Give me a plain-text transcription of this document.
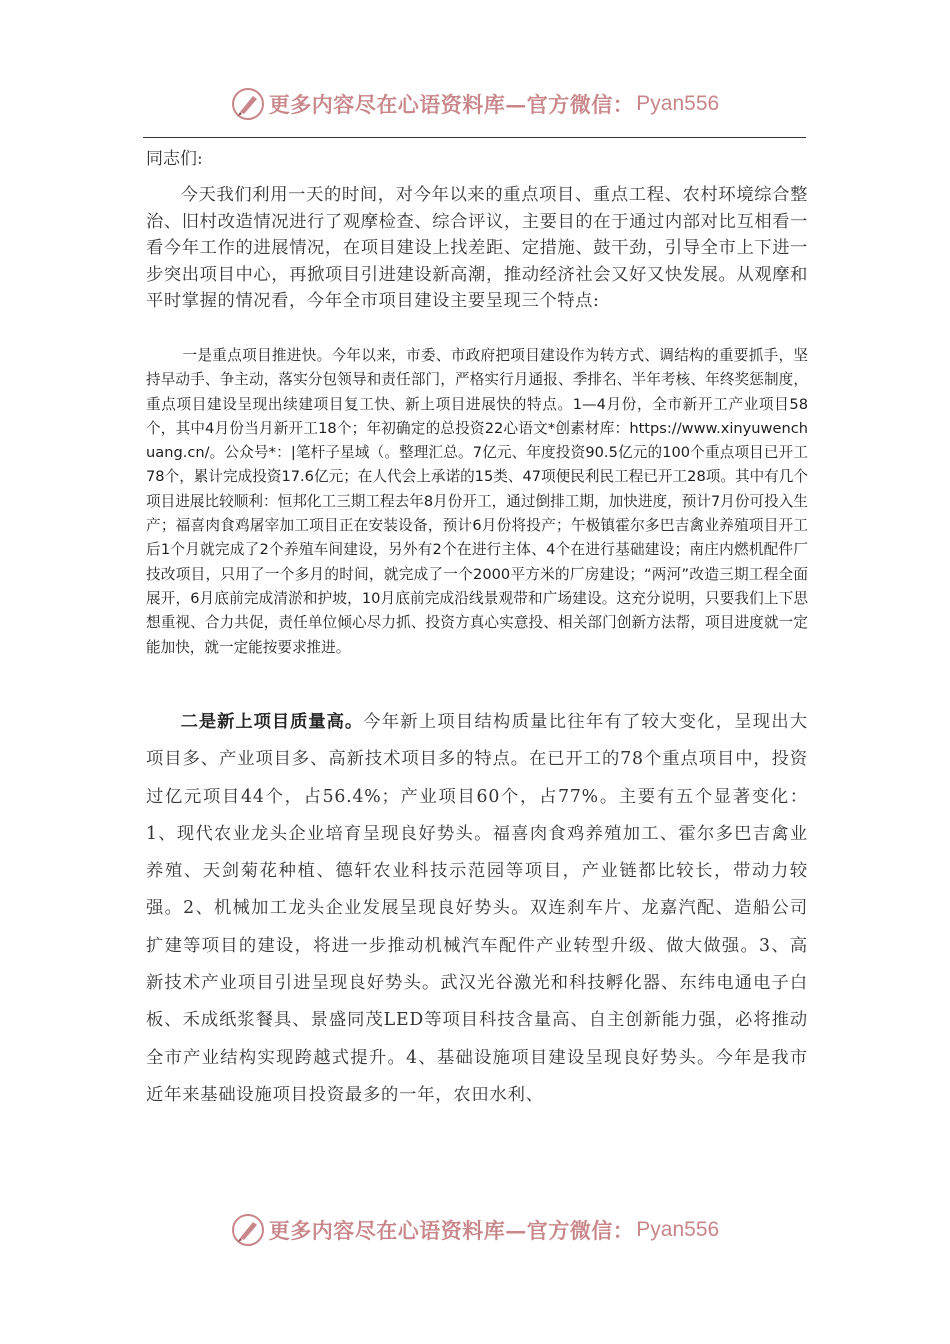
更多内容尽在心语资料库—官方微信： Pyan556

同志们:

今天我们利用一天的时间，对今年以来的重点项目、重点工程、农村环境综合整治、旧村改造情况进行了观摩检查、综合评议，主要目的在于通过内部对比互相看一看今年工作的进展情况，在项目建设上找差距、定措施、鼓干劲，引导全市上下进一步突出项目中心，再掀项目引进建设新高潮，推动经济社会又好又快发展。从观摩和平时掌握的情况看，今年全市项目建设主要呈现三个特点:

一是重点项目推进快。今年以来，市委、市政府把项目建设作为转方式、调结构的重要抓手，坚持早动手、争主动，落实分包领导和责任部门，严格实行月通报、季排名、半年考核、年终奖惩制度，重点项目建设呈现出续建项目复工快、新上项目进展快的特点。1—4月份，全市新开工产业项目58个，其中4月份当月新开工18个；年初确定的总投资22心语文*创素材库：https://www.xinyuwenchuang.cn/。公众号*：|笔杆子星域（。整理汇总。7亿元、年度投资90.5亿元的100个重点项目已开工78个，累计完成投资17.6亿元；在人代会上承诺的15类、47项便民利民工程已开工28项。其中有几个项目进展比较顺利：恒邦化工三期工程去年8月份开工，通过倒排工期，加快进度，预计7月份可投入生产；福喜肉食鸡屠宰加工项目正在安装设备，预计6月份将投产；午极镇霍尔多巴吉禽业养殖项目开工后1个月就完成了2个养殖车间建设，另外有2个在进行主体、4个在进行基础建设；南庄内燃机配件厂技改项目，只用了一个多月的时间，就完成了一个2000平方米的厂房建设；“两河”改造三期工程全面展开，6月底前完成清淤和护坡，10月底前完成沿线景观带和广场建设。这充分说明，只要我们上下思想重视、合力共促，责任单位倾心尽力抓、投资方真心实意投、相关部门创新方法帮，项目进度就一定能加快，就一定能按要求推进。

二是新上项目质量高。今年新上项目结构质量比往年有了较大变化，呈现出大项目多、产业项目多、高新技术项目多的特点。在已开工的78个重点项目中，投资过亿元项目44个，占56.4%；产业项目60个，占77%。主要有五个显著变化：1、现代农业龙头企业培育呈现良好势头。福喜肉食鸡养殖加工、霍尔多巴吉禽业养殖、天剑菊花种植、德轩农业科技示范园等项目，产业链都比较长，带动力较强。2、机械加工龙头企业发展呈现良好势头。双连刹车片、龙嘉汽配、造船公司扩建等项目的建设，将进一步推动机械汽车配件产业转型升级、做大做强。3、高新技术产业项目引进呈现良好势头。武汉光谷激光和科技孵化器、东纬电通电子白板、禾成纸浆餐具、景盛同茂LED等项目科技含量高、自主创新能力强，必将推动全市产业结构实现跨越式提升。4、基础设施项目建设呈现良好势头。今年是我市近年来基础设施项目投资最多的一年，农田水利、

更多内容尽在心语资料库—官方微信： Pyan556
